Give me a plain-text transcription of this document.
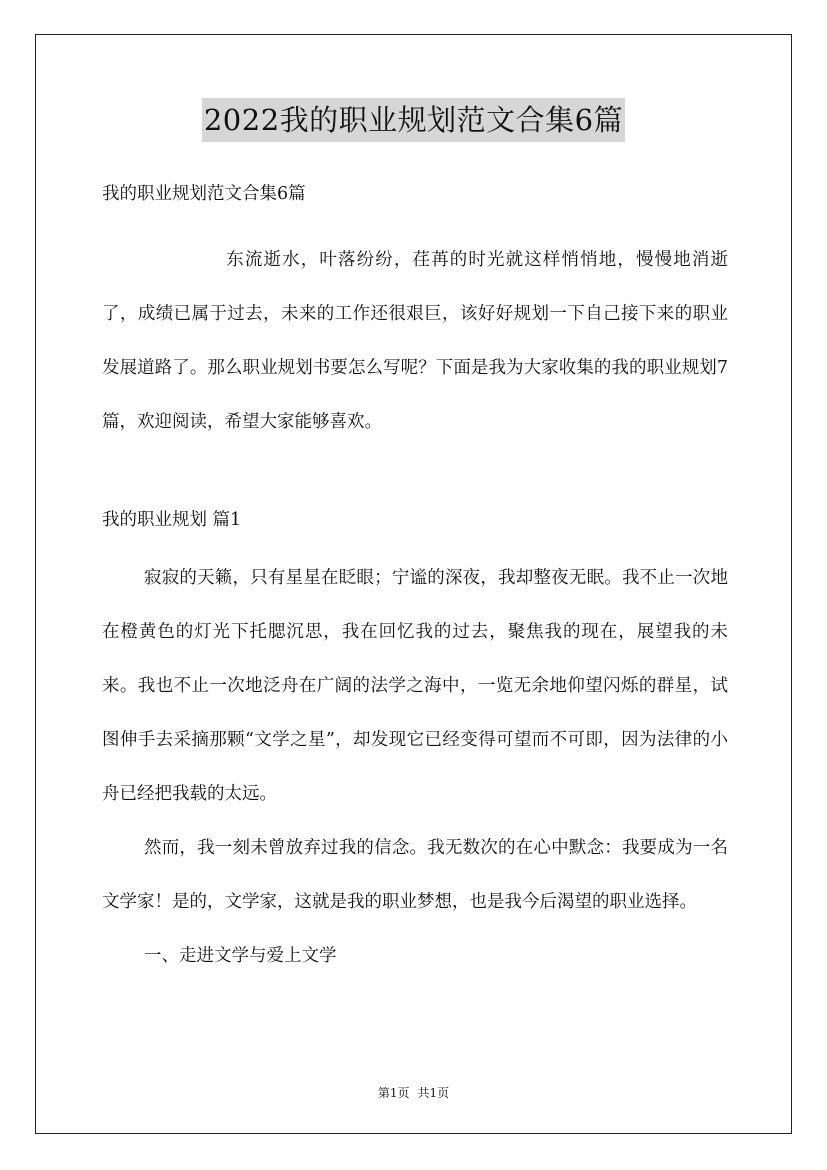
2022我的职业规划范文合集6篇
我的职业规划范文合集6篇

东流逝水，叶落纷纷，荏苒的时光就这样悄悄地，慢慢地消逝了，成绩已属于过去，未来的工作还很艰巨，该好好规划一下自己接下来的职业发展道路了。那么职业规划书要怎么写呢？下面是我为大家收集的我的职业规划7篇，欢迎阅读，希望大家能够喜欢。

我的职业规划 篇1

寂寂的天籁，只有星星在眨眼；宁谧的深夜，我却整夜无眠。我不止一次地在橙黄色的灯光下托腮沉思，我在回忆我的过去，聚焦我的现在，展望我的未来。我也不止一次地泛舟在广阔的法学之海中，一览无余地仰望闪烁的群星，试图伸手去采摘那颗“文学之星”，却发现它已经变得可望而不可即，因为法律的小舟已经把我载的太远。

然而，我一刻未曾放弃过我的信念。我无数次的在心中默念：我要成为一名文学家！是的，文学家，这就是我的职业梦想，也是我今后渴望的职业选择。

一、走进文学与爱上文学

第1页 共1页
